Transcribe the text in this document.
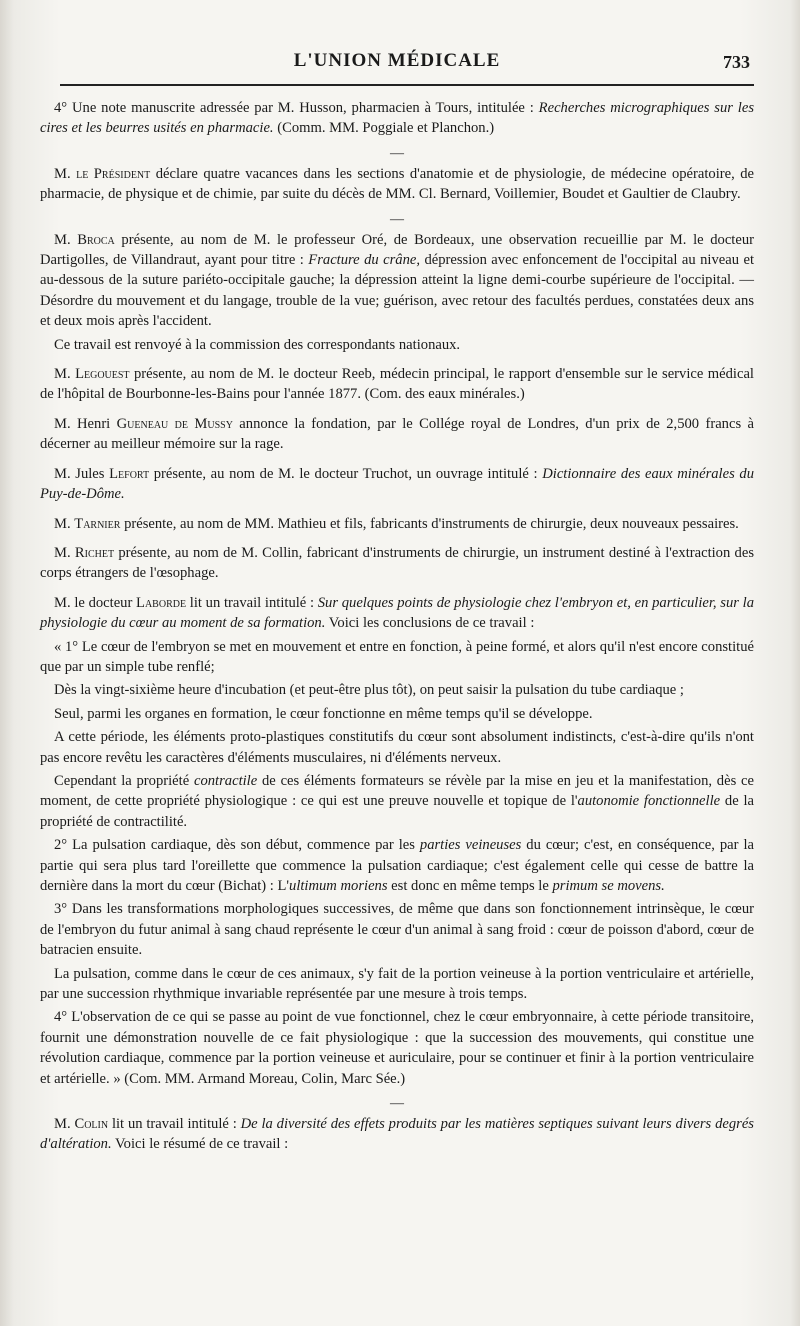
L'UNION MÉDICALE	733

4° Une note manuscrite adressée par M. Husson, pharmacien à Tours, intitulée : Recherches micrographiques sur les cires et les beurres usités en pharmacie. (Comm. MM. Poggiale et Planchon.)

—

M. le Président déclare quatre vacances dans les sections d'anatomie et de physiologie, de médecine opératoire, de pharmacie, de physique et de chimie, par suite du décès de MM. Cl. Bernard, Voillemier, Boudet et Gaultier de Claubry.

—

M. Broca présente, au nom de M. le professeur Oré, de Bordeaux, une observation recueillie par M. le docteur Dartigolles, de Villandraut, ayant pour titre : Fracture du crâne, dépression avec enfoncement de l'occipital au niveau et au-dessous de la suture pariéto-occipitale gauche; la dépression atteint la ligne demi-courbe supérieure de l'occipital. — Désordre du mouvement et du langage, trouble de la vue; guérison, avec retour des facultés perdues, constatées deux ans et deux mois après l'accident.

Ce travail est renvoyé à la commission des correspondants nationaux.

M. Legouest présente, au nom de M. le docteur Reeb, médecin principal, le rapport d'ensemble sur le service médical de l'hôpital de Bourbonne-les-Bains pour l'année 1877. (Com. des eaux minérales.)

M. Henri Gueneau de Mussy annonce la fondation, par le Collége royal de Londres, d'un prix de 2,500 francs à décerner au meilleur mémoire sur la rage.

M. Jules Lefort présente, au nom de M. le docteur Truchot, un ouvrage intitulé : Dictionnaire des eaux minérales du Puy-de-Dôme.

M. Tarnier présente, au nom de MM. Mathieu et fils, fabricants d'instruments de chirurgie, deux nouveaux pessaires.

M. Richet présente, au nom de M. Collin, fabricant d'instruments de chirurgie, un instrument destiné à l'extraction des corps étrangers de l'œsophage.

M. le docteur Laborde lit un travail intitulé : Sur quelques points de physiologie chez l'embryon et, en particulier, sur la physiologie du cœur au moment de sa formation. Voici les conclusions de ce travail :

« 1° Le cœur de l'embryon se met en mouvement et entre en fonction, à peine formé, et alors qu'il n'est encore constitué que par un simple tube renflé;

Dès la vingt-sixième heure d'incubation (et peut-être plus tôt), on peut saisir la pulsation du tube cardiaque ;

Seul, parmi les organes en formation, le cœur fonctionne en même temps qu'il se développe.

A cette période, les éléments proto-plastiques constitutifs du cœur sont absolument indistincts, c'est-à-dire qu'ils n'ont pas encore revêtu les caractères d'éléments musculaires, ni d'éléments nerveux.

Cependant la propriété contractile de ces éléments formateurs se révèle par la mise en jeu et la manifestation, dès ce moment, de cette propriété physiologique : ce qui est une preuve nouvelle et topique de l'autonomie fonctionnelle de la propriété de contractilité.

2° La pulsation cardiaque, dès son début, commence par les parties veineuses du cœur; c'est, en conséquence, par la partie qui sera plus tard l'oreillette que commence la pulsation cardiaque; c'est également celle qui cesse de battre la dernière dans la mort du cœur (Bichat) : L'ultimum moriens est donc en même temps le primum se movens.

3° Dans les transformations morphologiques successives, de même que dans son fonctionnement intrinsèque, le cœur de l'embryon du futur animal à sang chaud représente le cœur d'un animal à sang froid : cœur de poisson d'abord, cœur de batracien ensuite.

La pulsation, comme dans le cœur de ces animaux, s'y fait de la portion veineuse à la portion ventriculaire et artérielle, par une succession rhythmique invariable représentée par une mesure à trois temps.

4° L'observation de ce qui se passe au point de vue fonctionnel, chez le cœur embryonnaire, à cette période transitoire, fournit une démonstration nouvelle de ce fait physiologique : que la succession des mouvements, qui constitue une révolution cardiaque, commence par la portion veineuse et auriculaire, pour se continuer et finir à la portion ventriculaire et artérielle. » (Com. MM. Armand Moreau, Colin, Marc Sée.)

—

M. Colin lit un travail intitulé : De la diversité des effets produits par les matières septiques suivant leurs divers degrés d'altération. Voici le résumé de ce travail :
